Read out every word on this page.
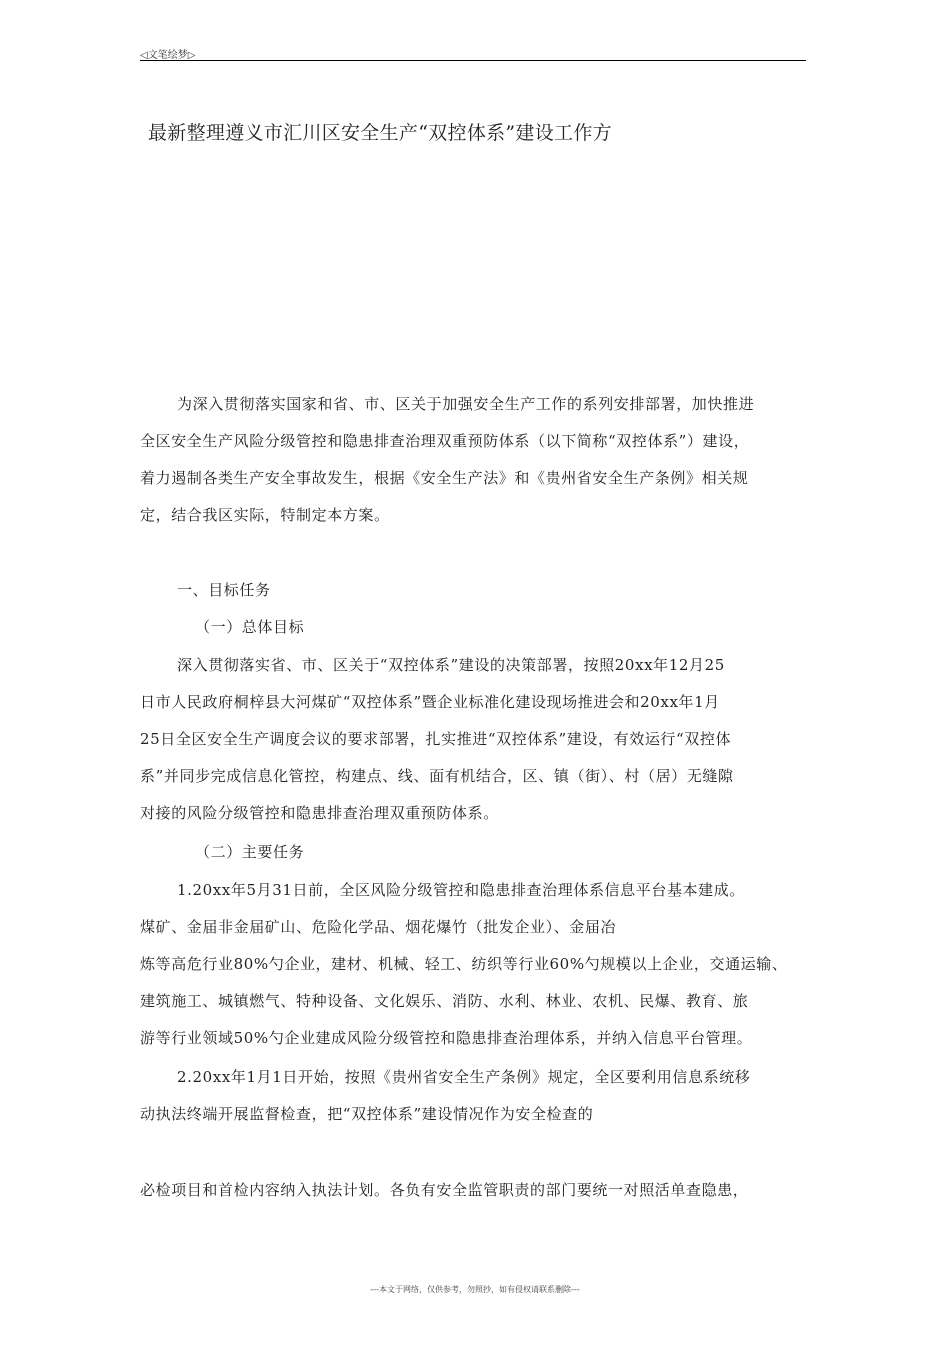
◁文笔绘梦▷
最新整理遵义市汇川区安全生产“双控体系”建设工作方
为深入贯彻落实国家和省、市、区关于加强安全生产工作的系列安排部署，加快推进
全区安全生产风险分级管控和隐患排查治理双重预防体系（以下简称“双控体系”）建设，
着力遏制各类生产安全事故发生，根据《安全生产法》和《贵州省安全生产条例》相关规
定，结合我区实际，特制定本方案。
一、目标任务
（一）总体目标
深入贯彻落实省、市、区关于“双控体系”建设的决策部署，按照20xx年12月25
日市人民政府桐梓县大河煤矿“双控体系”暨企业标准化建设现场推进会和20xx年1月
25日全区安全生产调度会议的要求部署，扎实推进“双控体系”建设，有效运行“双控体
系”并同步完成信息化管控，构建点、线、面有机结合，区、镇（街）、村（居）无缝隙
对接的风险分级管控和隐患排查治理双重预防体系。
（二）主要任务
1.20xx年5月31日前，全区风险分级管控和隐患排查治理体系信息平台基本建成。
煤矿、金届非金届矿山、危险化学品、烟花爆竹（批发企业）、金届冶
炼等高危行业80%勺企业，建材、机械、轻工、纺织等行业60%勺规模以上企业，交通运输、
建筑施工、城镇燃气、特种设备、文化娱乐、消防、水利、林业、农机、民爆、教育、旅
游等行业领域50%勺企业建成风险分级管控和隐患排查治理体系，并纳入信息平台管理。
2.20xx年1月1日开始，按照《贵州省安全生产条例》规定，全区要利用信息系统移
动执法终端开展监督检查，把“双控体系”建设情况作为安全检查的
必检项目和首检内容纳入执法计划。各负有安全监管职责的部门要统一对照活单查隐患，
---本文于网络，仅供参考，勿照抄，如有侵权请联系删除---
